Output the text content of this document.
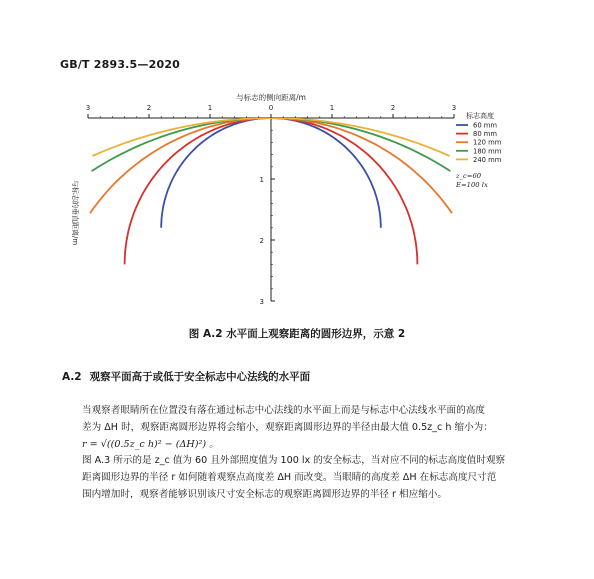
GB/T 2893.5—2020
3	2	1	0	1	2	3
与标志的侧向距离/m
1
2
3
与标志的垂直距离/m
标志高度
60 mm
80 mm
120 mm
180 mm
240 mm
z_c=60
E=100 lx
图 A.2 水平面上观察距离的圆形边界，示意 2
A.2 观察平面高于或低于安全标志中心法线的水平面
当观察者眼睛所在位置没有落在通过标志中心法线的水平面上而是与标志中心法线水平面的高度
差为 ΔH 时，观察距离圆形边界将会缩小，观察距离圆形边界的半径由最大值 0.5z_c h 缩小为：
r = √((0.5z_c h)² − (ΔH)²) 。
图 A.3 所示的是 z_c 值为 60 且外部照度值为 100 lx 的安全标志，当对应不同的标志高度值时观察
距离圆形边界的半径 r 如何随着观察点高度差 ΔH 而改变。当眼睛的高度差 ΔH 在标志高度尺寸范
围内增加时，观察者能够识别该尺寸安全标志的观察距离圆形边界的半径 r 相应缩小。
